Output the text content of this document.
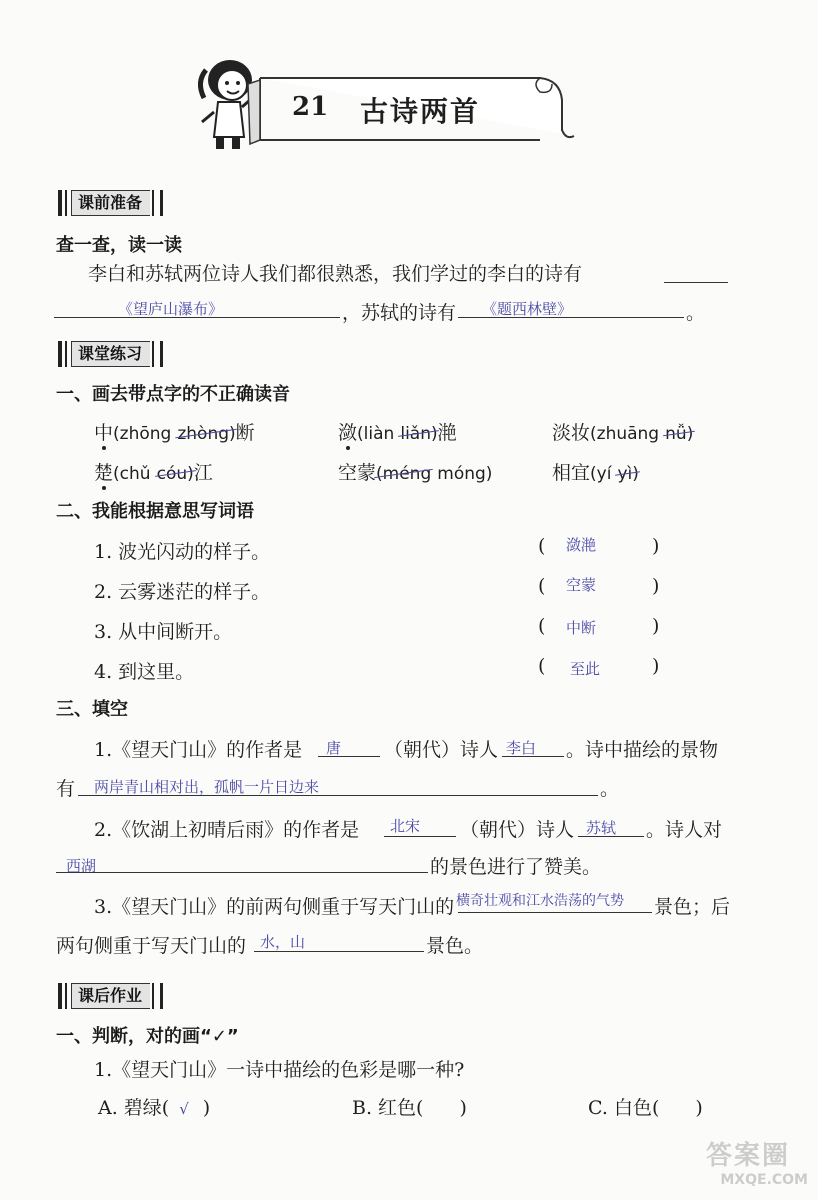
21 古诗两首
课前准备
查一查，读一读
李白和苏轼两位诗人我们都很熟悉，我们学过的李白的诗有
《望庐山瀑布》	，苏轼的诗有 《题西林壁》	。
课堂练习
一、画去带点字的不正确读音
中(zhōng zhòng)断	潋(liàn liǎn)滟	淡妆(zhuāng nǚ)
楚(chǔ cóu)江	空蒙(méng móng)	相宜(yí yì)
二、我能根据意思写词语
1. 波光闪动的样子。	( 潋滟	)
2. 云雾迷茫的样子。	( 空蒙	)
3. 从中间断开。	( 中断	)
4. 到这里。	( 至此	)
三、填空
1.《望天门山》的作者是 唐 （朝代）诗人 李白 。诗中描绘的景物
有 两岸青山相对出，孤帆一片日边来	。
2.《饮湖上初晴后雨》的作者是 北宋 （朝代）诗人 苏轼 。诗人对
西湖	的景色进行了赞美。
3.《望天门山》的前两句侧重于写天门山的 横奇壮观和江水浩荡的气势 景色；后
两句侧重于写天门山的 水，山	景色。
课后作业
一、判断，对的画“✓”
1.《望天门山》一诗中描绘的色彩是哪一种?
A. 碧绿( √ )	B. 红色( )	C. 白色( )
答案圈
MXQE.COM
